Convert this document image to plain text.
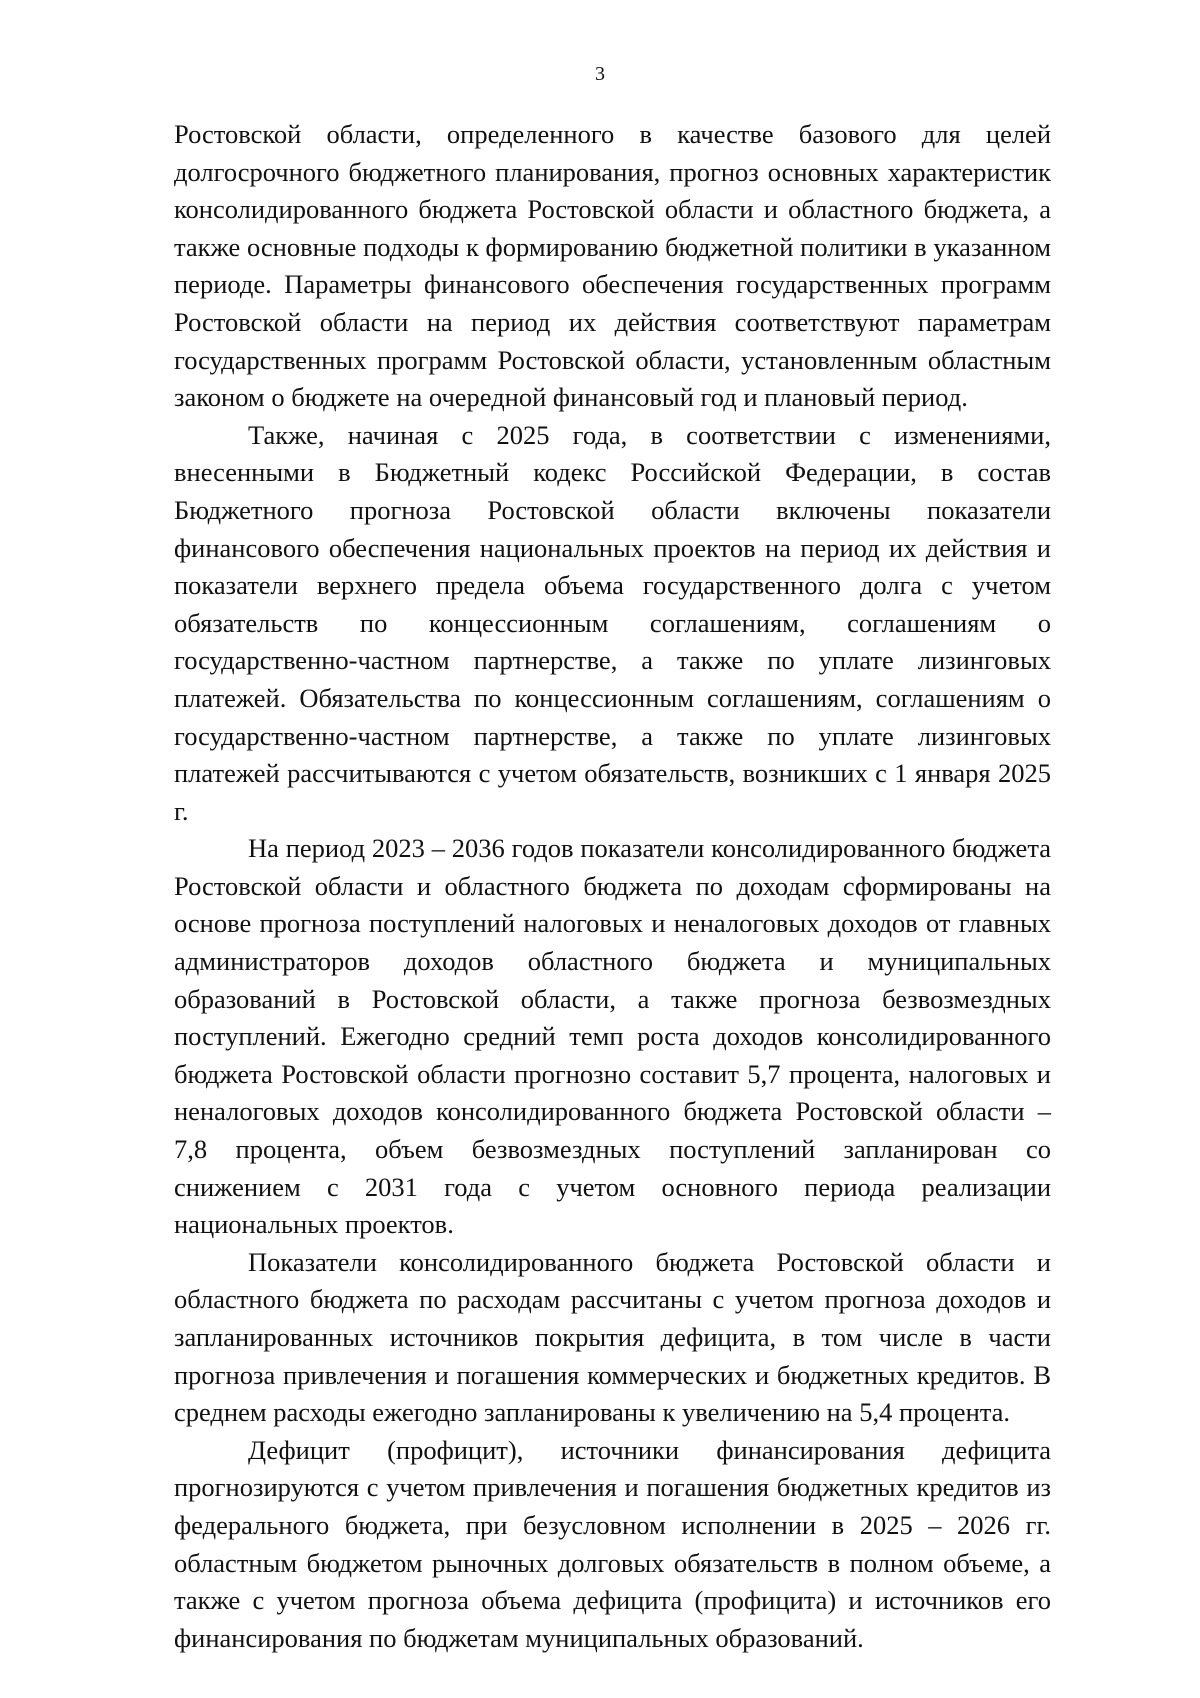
3

Ростовской области, определенного в качестве базового для целей долгосрочного бюджетного планирования, прогноз основных характеристик консолидированного бюджета Ростовской области и областного бюджета, а также основные подходы к формированию бюджетной политики в указанном периоде. Параметры финансового обеспечения государственных программ Ростовской области на период их действия соответствуют параметрам государственных программ Ростовской области, установленным областным законом о бюджете на очередной финансовый год и плановый период.

Также, начиная с 2025 года, в соответствии с изменениями, внесенными в Бюджетный кодекс Российской Федерации, в состав Бюджетного прогноза Ростовской области включены показатели финансового обеспечения национальных проектов на период их действия и показатели верхнего предела объема государственного долга с учетом обязательств по концессионным соглашениям, соглашениям о государственно-частном партнерстве, а также по уплате лизинговых платежей. Обязательства по концессионным соглашениям, соглашениям о государственно-частном партнерстве, а также по уплате лизинговых платежей рассчитываются с учетом обязательств, возникших с 1 января 2025 г.

На период 2023 – 2036 годов показатели консолидированного бюджета Ростовской области и областного бюджета по доходам сформированы на основе прогноза поступлений налоговых и неналоговых доходов от главных администраторов доходов областного бюджета и муниципальных образований в Ростовской области, а также прогноза безвозмездных поступлений. Ежегодно средний темп роста доходов консолидированного бюджета Ростовской области прогнозно составит 5,7 процента, налоговых и неналоговых доходов консолидированного бюджета Ростовской области – 7,8 процента, объем безвозмездных поступлений запланирован со снижением с 2031 года с учетом основного периода реализации национальных проектов.

Показатели консолидированного бюджета Ростовской области и областного бюджета по расходам рассчитаны с учетом прогноза доходов и запланированных источников покрытия дефицита, в том числе в части прогноза привлечения и погашения коммерческих и бюджетных кредитов. В среднем расходы ежегодно запланированы к увеличению на 5,4 процента.

Дефицит (профицит), источники финансирования дефицита прогнозируются с учетом привлечения и погашения бюджетных кредитов из федерального бюджета, при безусловном исполнении в 2025 – 2026 гг. областным бюджетом рыночных долговых обязательств в полном объеме, а также с учетом прогноза объема дефицита (профицита) и источников его финансирования по бюджетам муниципальных образований.
